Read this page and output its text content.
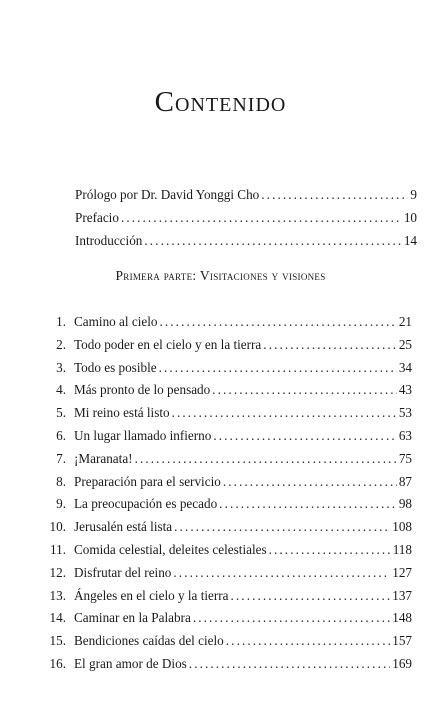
Contenido
Prólogo por Dr. David Yonggi Cho . . .	9
Prefacio . . .	10
Introducción . . .	14
Primera parte: Visitaciones y visiones
1. Camino al cielo . . .	21
2. Todo poder en el cielo y en la tierra . . .	25
3. Todo es posible . . .	34
4. Más pronto de lo pensado . . .	43
5. Mi reino está listo . . .	53
6. Un lugar llamado infierno . . .	63
7. ¡Maranata! . . .	75
8. Preparación para el servicio . . .	87
9. La preocupación es pecado . . .	98
10. Jerusalén está lista . . .	108
11. Comida celestial, deleites celestiales . . .	118
12. Disfrutar del reino . . .	127
13. Ángeles en el cielo y la tierra . . .	137
14. Caminar en la Palabra . . .	148
15. Bendiciones caídas del cielo . . .	157
16. El gran amor de Dios . . .	169
